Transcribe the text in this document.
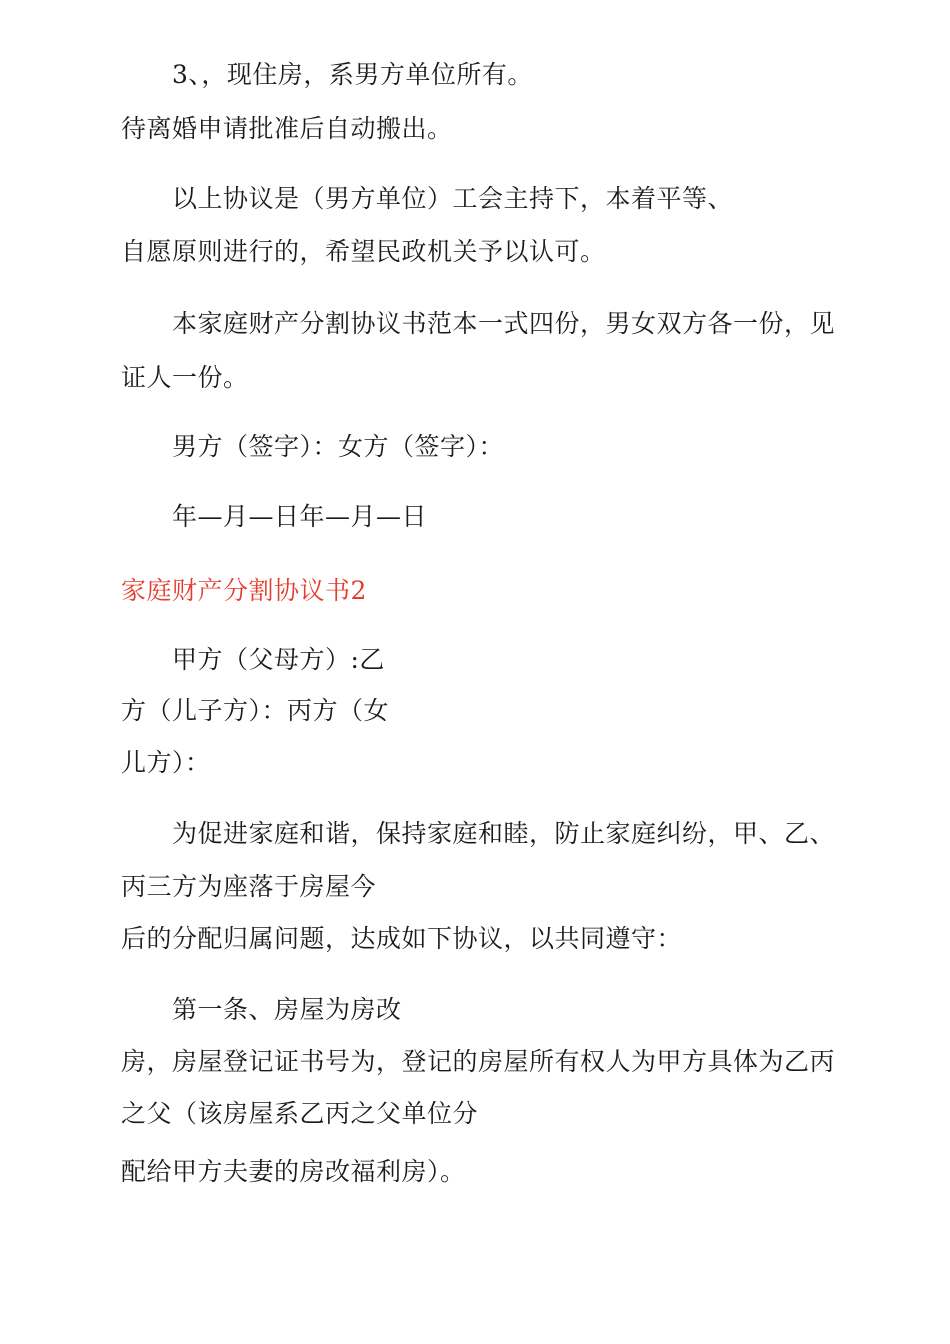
3、，现住房，系男方单位所有。
待离婚申请批准后自动搬出。
以上协议是（男方单位）工会主持下，本着平等、
自愿原则进行的，希望民政机关予以认可。
本家庭财产分割协议书范本一式四份，男女双方各一份，见
证人一份。
男方（签字）：女方（签字）：
年—月—日年—月—日
家庭财产分割协议书2
甲方（父母方）:乙
方（儿子方）：丙方（女
儿方）：
为促进家庭和谐，保持家庭和睦，防止家庭纠纷，甲、乙、
丙三方为座落于房屋今
后的分配归属问题，达成如下协议，以共同遵守：
第一条、房屋为房改
房，房屋登记证书号为，登记的房屋所有权人为甲方具体为乙丙
之父（该房屋系乙丙之父单位分
配给甲方夫妻的房改福利房）。
